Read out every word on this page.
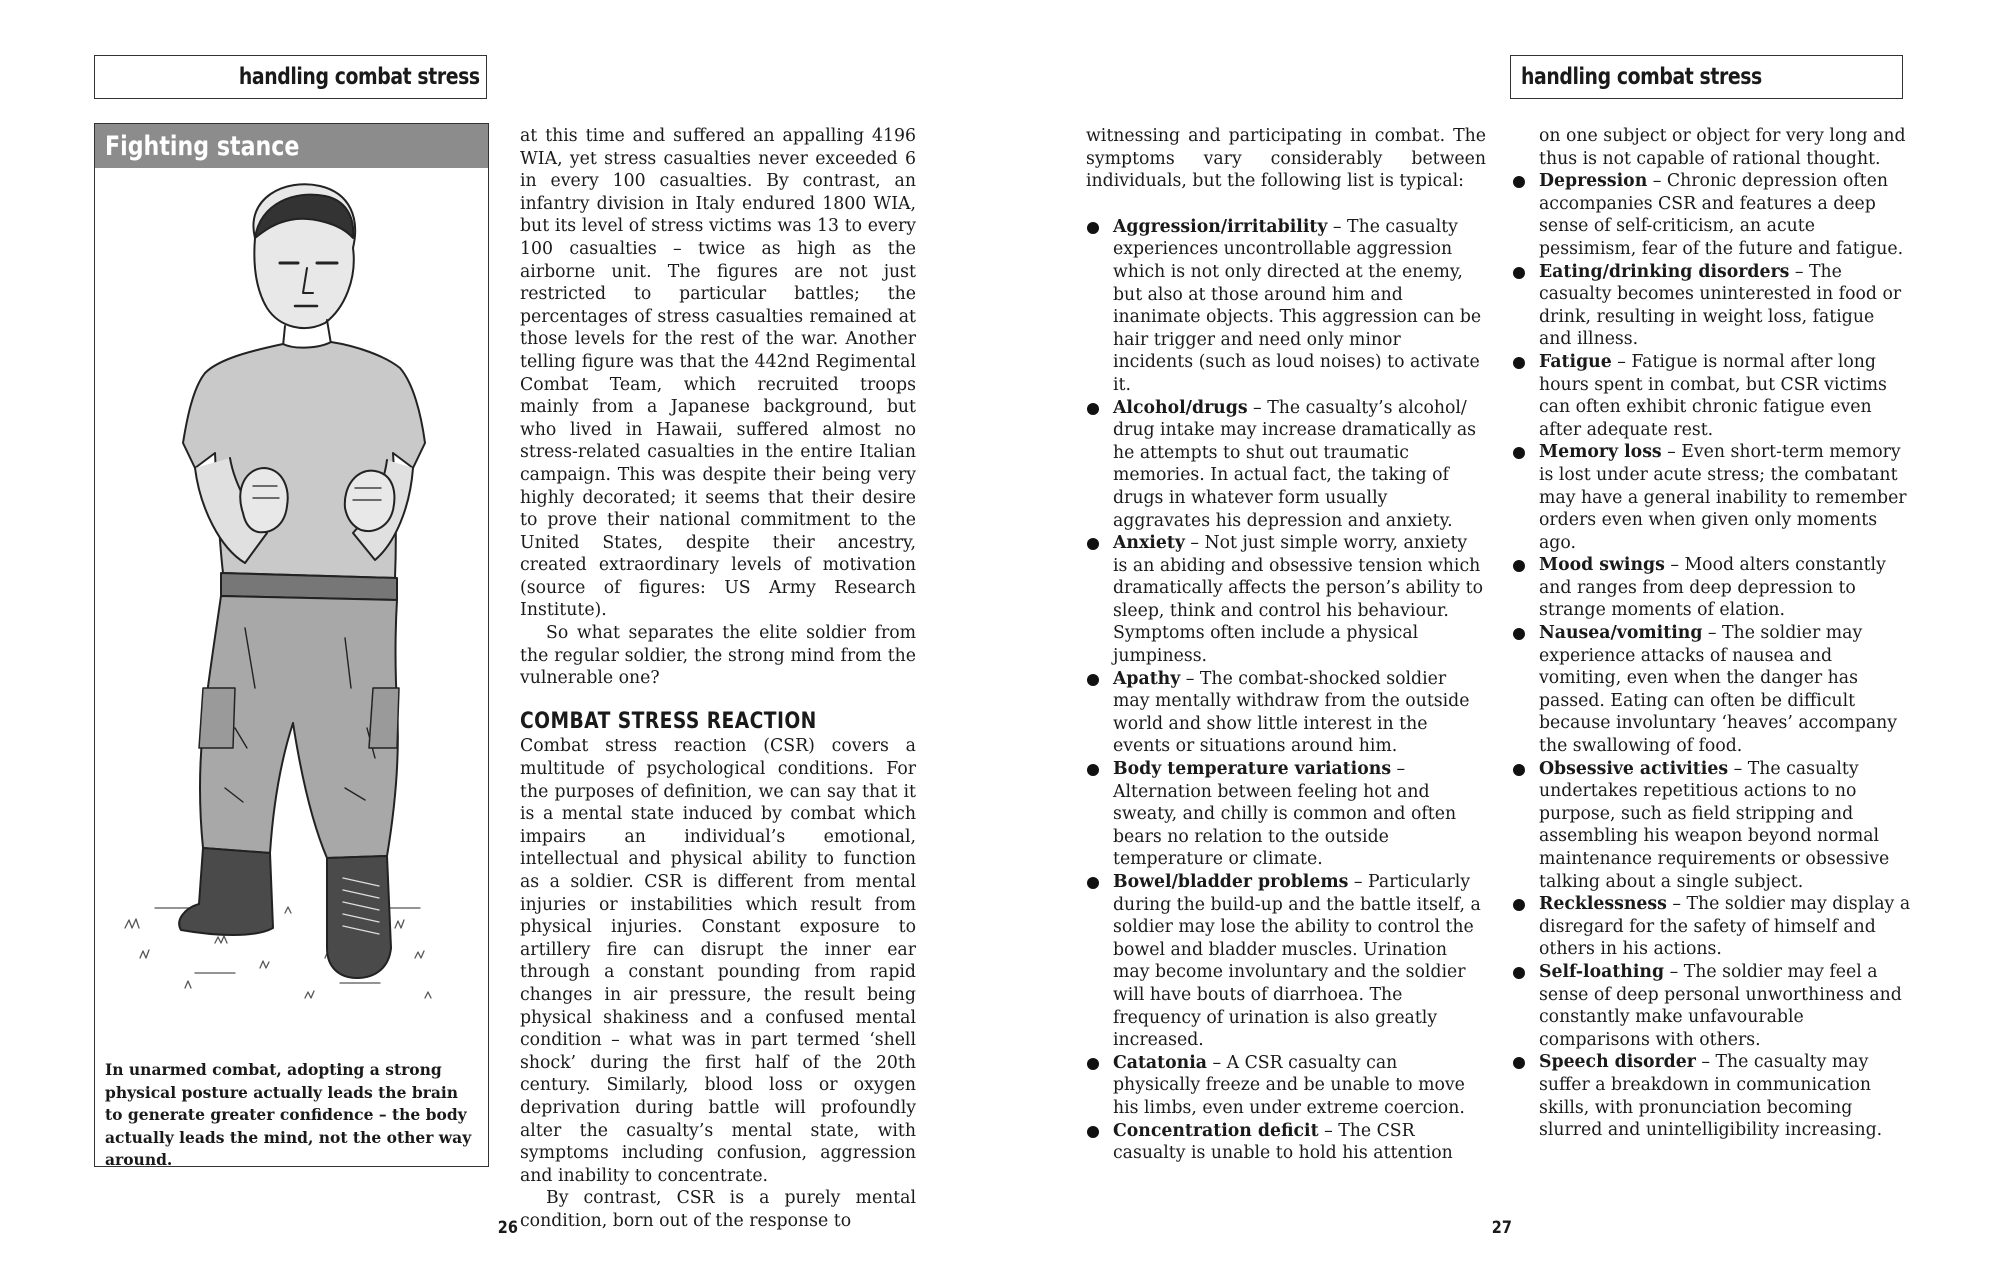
handling combat stress	handling combat stress
Fighting stance
In unarmed combat, adopting a strong physical posture actually leads the brain to generate greater confidence – the body actually leads the mind, not the other way around.

at this time and suffered an appalling 4196 WIA, yet stress casualties never exceeded 6 in every 100 casualties. By contrast, an infantry division in Italy endured 1800 WIA, but its level of stress victims was 13 to every 100 casualties – twice as high as the airborne unit. The figures are not just restricted to particular battles; the percentages of stress casualties remained at those levels for the rest of the war. Another telling figure was that the 442nd Regimental Combat Team, which recruited troops mainly from a Japanese background, but who lived in Hawaii, suffered almost no stress-related casualties in the entire Italian campaign. This was despite their being very highly decorated; it seems that their desire to prove their national commitment to the United States, despite their ancestry, created extraordinary levels of motivation (source of figures: US Army Research Institute).

So what separates the elite soldier from the regular soldier, the strong mind from the vulnerable one?

COMBAT STRESS REACTION

Combat stress reaction (CSR) covers a multitude of psychological conditions. For the purposes of definition, we can say that it is a mental state induced by combat which impairs an individual’s emotional, intellectual and physical ability to function as a soldier. CSR is different from mental injuries or instabilities which result from physical injuries. Constant exposure to artillery fire can disrupt the inner ear through a constant pounding from rapid changes in air pressure, the result being physical shakiness and a confused mental condition – what was in part termed ‘shell shock’ during the first half of the 20th century. Similarly, blood loss or oxygen deprivation during battle will profoundly alter the casualty’s mental state, with symptoms including confusion, aggression and inability to concentrate.

By contrast, CSR is a purely mental condition, born out of the response to

witnessing and participating in combat. The symptoms vary considerably between individuals, but the following list is typical:

Aggression/irritability – The casualty experiences uncontrollable aggression which is not only directed at the enemy, but also at those around him and inanimate objects. This aggression can be hair trigger and need only minor incidents (such as loud noises) to activate it.
Alcohol/drugs – The casualty’s alcohol/ drug intake may increase dramatically as he attempts to shut out traumatic memories. In actual fact, the taking of drugs in whatever form usually aggravates his depression and anxiety.
Anxiety – Not just simple worry, anxiety is an abiding and obsessive tension which dramatically affects the person’s ability to sleep, think and control his behaviour. Symptoms often include a physical jumpiness.
Apathy – The combat-shocked soldier may mentally withdraw from the outside world and show little interest in the events or situations around him.
Body temperature variations – Alternation between feeling hot and sweaty, and chilly is common and often bears no relation to the outside temperature or climate.
Bowel/bladder problems – Particularly during the build-up and the battle itself, a soldier may lose the ability to control the bowel and bladder muscles. Urination may become involuntary and the soldier will have bouts of diarrhoea. The frequency of urination is also greatly increased.
Catatonia – A CSR casualty can physically freeze and be unable to move his limbs, even under extreme coercion.
Concentration deficit – The CSR casualty is unable to hold his attention
on one subject or object for very long and thus is not capable of rational thought.
Depression – Chronic depression often accompanies CSR and features a deep sense of self-criticism, an acute pessimism, fear of the future and fatigue.
Eating/drinking disorders – The casualty becomes uninterested in food or drink, resulting in weight loss, fatigue and illness.
Fatigue – Fatigue is normal after long hours spent in combat, but CSR victims can often exhibit chronic fatigue even after adequate rest.
Memory loss – Even short-term memory is lost under acute stress; the combatant may have a general inability to remember orders even when given only moments ago.
Mood swings – Mood alters constantly and ranges from deep depression to strange moments of elation.
Nausea/vomiting – The soldier may experience attacks of nausea and vomiting, even when the danger has passed. Eating can often be difficult because involuntary ‘heaves’ accompany the swallowing of food.
Obsessive activities – The casualty undertakes repetitious actions to no purpose, such as field stripping and assembling his weapon beyond normal maintenance requirements or obsessive talking about a single subject.
Recklessness – The soldier may display a disregard for the safety of himself and others in his actions.
Self-loathing – The soldier may feel a sense of deep personal unworthiness and constantly make unfavourable comparisons with others.
Speech disorder – The casualty may suffer a breakdown in communication skills, with pronunciation becoming slurred and unintelligibility increasing.
26	27
